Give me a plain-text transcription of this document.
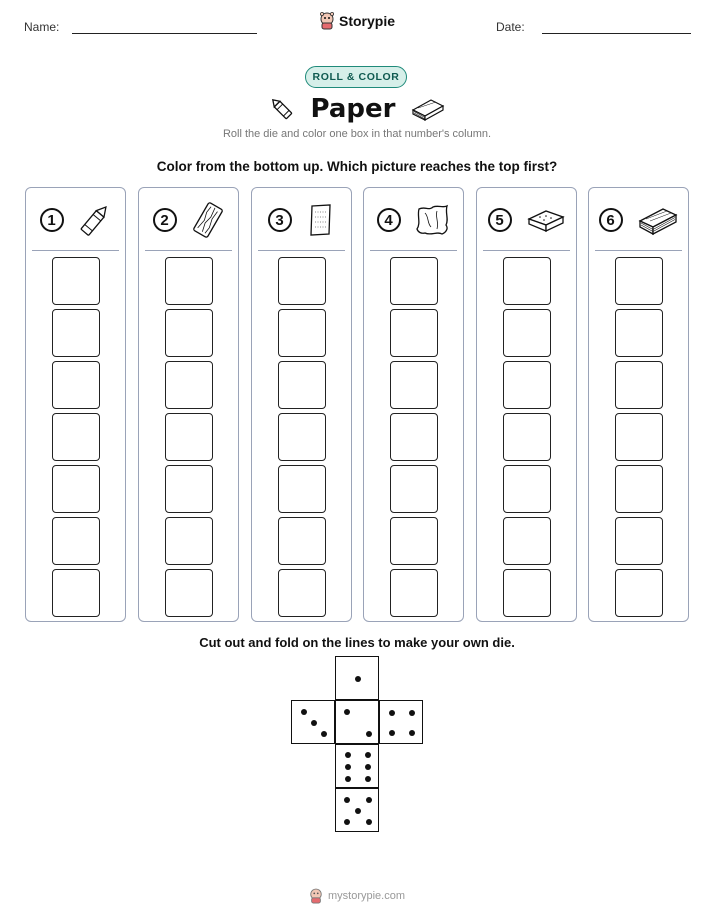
Name:	Date:
Storypie
ROLL & COLOR
Paper
Roll the die and color one box in that number's column.
Color from the bottom up. Which picture reaches the top first?
1	2	3	4	5	6
Cut out and fold on the lines to make your own die.
mystorypie.com
